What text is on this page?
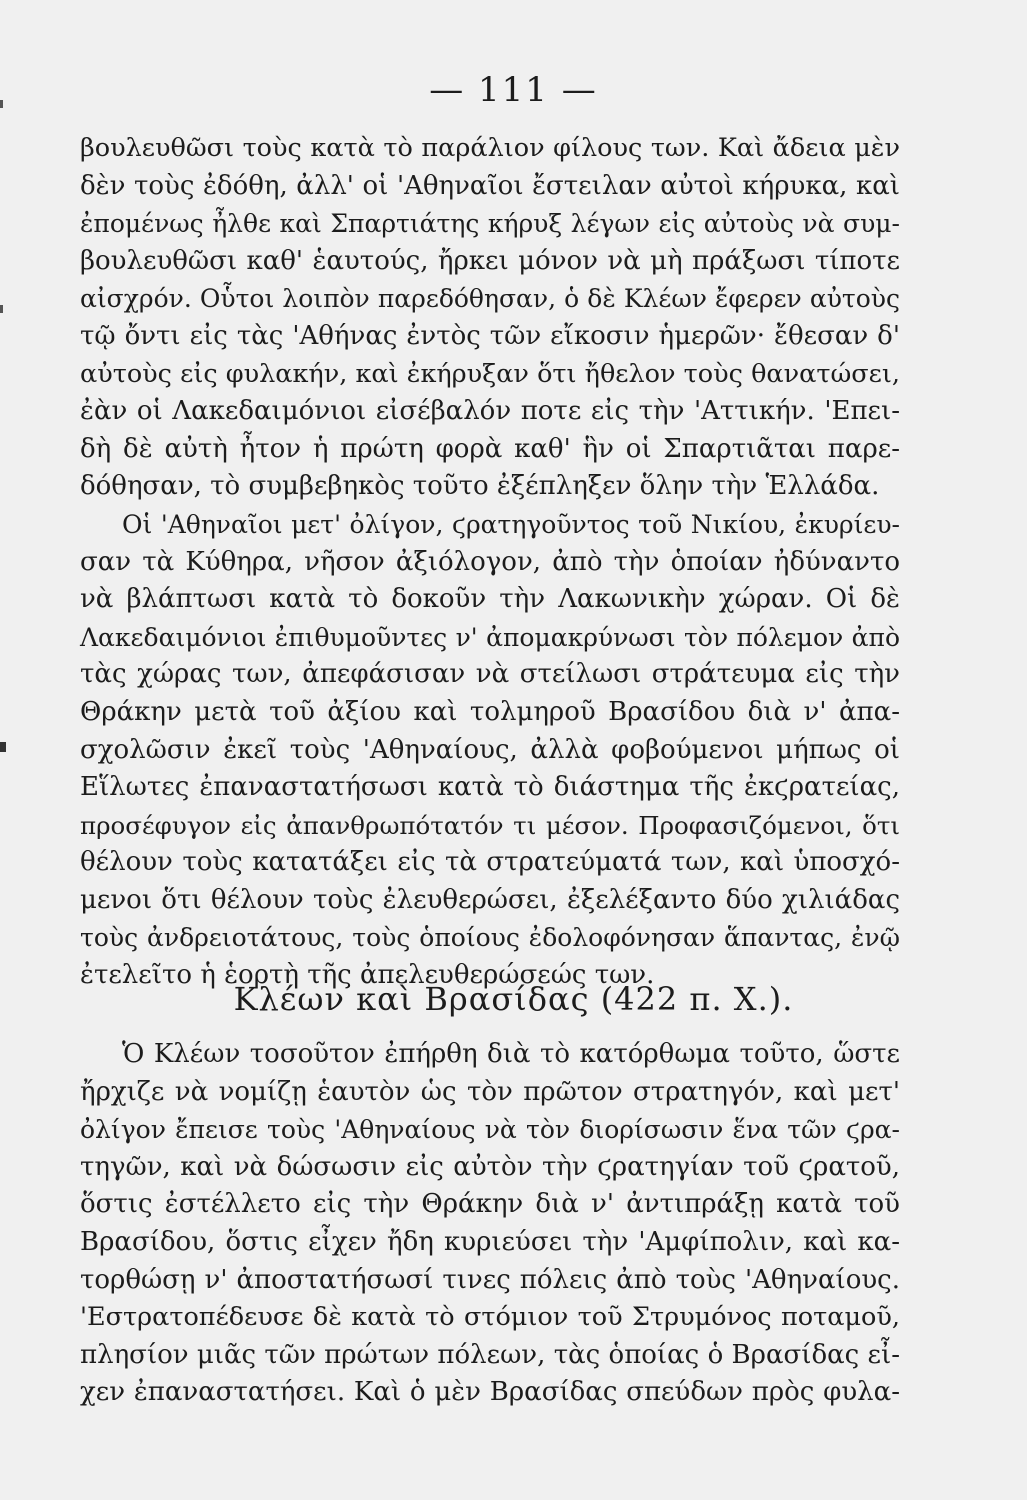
— 111 —
βουλευθῶσι τοὺς κατὰ τὸ παράλιον φίλους των. Καὶ ἄδεια μὲν
δὲν τοὺς ἐδόθη, ἀλλ' οἱ 'Αθηναῖοι ἔστειλαν αὐτοὶ κήρυκα, καὶ
ἐπομένως ἦλθε καὶ Σπαρτιάτης κήρυξ λέγων εἰς αὐτοὺς νὰ συμ-
βουλευθῶσι καθ' ἑαυτούς, ἤρκει μόνον νὰ μὴ πράξωσι τίποτε
αἰσχρόν. Οὗτοι λοιπὸν παρεδόθησαν, ὁ δὲ Κλέων ἔφερεν αὐτοὺς
τῷ ὄντι εἰς τὰς 'Αθήνας ἐντὸς τῶν εἴκοσιν ἡμερῶν· ἔθεσαν δ'
αὐτοὺς εἰς φυλακήν, καὶ ἐκήρυξαν ὅτι ἤθελον τοὺς θανατώσει,
ἐὰν οἱ Λακεδαιμόνιοι εἰσέβαλόν ποτε εἰς τὴν 'Αττικήν. 'Επει-
δὴ δὲ αὐτὴ ἦτον ἡ πρώτη φορὰ καθ' ἣν οἱ Σπαρτιᾶται παρε-
δόθησαν, τὸ συμβεβηκὸς τοῦτο ἐξέπληξεν ὅλην τὴν Ἑλλάδα.
Οἱ 'Αθηναῖοι μετ' ὀλίγον, ϛρατηγοῦντος τοῦ Νικίου, ἐκυρίευ-
σαν τὰ Κύθηρα, νῆσον ἀξιόλογον, ἀπὸ τὴν ὁποίαν ἠδύναντο
νὰ βλάπτωσι κατὰ τὸ δοκοῦν τὴν Λακωνικὴν χώραν. Οἱ δὲ
Λακεδαιμόνιοι ἐπιθυμοῦντες ν' ἀπομακρύνωσι τὸν πόλεμον ἀπὸ
τὰς χώρας των, ἀπεφάσισαν νὰ στείλωσι στράτευμα εἰς τὴν
Θράκην μετὰ τοῦ ἀξίου καὶ τολμηροῦ Βρασίδου διὰ ν' ἀπα-
σχολῶσιν ἐκεῖ τοὺς 'Αθηναίους, ἀλλὰ φοβούμενοι μήπως οἱ
Εἵλωτες ἐπαναστατήσωσι κατὰ τὸ διάστημα τῆς ἐκϛρατείας,
προσέφυγον εἰς ἀπανθρωπότατόν τι μέσον. Προφασιζόμενοι, ὅτι
θέλουν τοὺς κατατάξει εἰς τὰ στρατεύματά των, καὶ ὑποσχό-
μενοι ὅτι θέλουν τοὺς ἐλευθερώσει, ἐξελέξαντο δύο χιλιάδας
τοὺς ἀνδρειοτάτους, τοὺς ὁποίους ἐδολοφόνησαν ἅπαντας, ἐνῷ
ἐτελεῖτο ἡ ἑορτὴ τῆς ἀπελευθερώσεώς των.
Κλέων καὶ Βρασίδας (422 π. Χ.).
Ὁ Κλέων τοσοῦτον ἐπήρθη διὰ τὸ κατόρθωμα τοῦτο, ὥστε
ἤρχιζε νὰ νομίζῃ ἑαυτὸν ὡς τὸν πρῶτον στρατηγόν, καὶ μετ'
ὀλίγον ἔπεισε τοὺς 'Αθηναίους νὰ τὸν διορίσωσιν ἕνα τῶν ϛρα-
τηγῶν, καὶ νὰ δώσωσιν εἰς αὐτὸν τὴν ϛρατηγίαν τοῦ ϛρατοῦ,
ὅστις ἐστέλλετο εἰς τὴν Θράκην διὰ ν' ἀντιπράξῃ κατὰ τοῦ
Βρασίδου, ὅστις εἶχεν ἤδη κυριεύσει τὴν 'Αμφίπολιν, καὶ κα-
τορθώσῃ ν' ἀποστατήσωσί τινες πόλεις ἀπὸ τοὺς 'Αθηναίους.
'Εστρατοπέδευσε δὲ κατὰ τὸ στόμιον τοῦ Στρυμόνος ποταμοῦ,
πλησίον μιᾶς τῶν πρώτων πόλεων, τὰς ὁποίας ὁ Βρασίδας εἶ-
χεν ἐπαναστατήσει. Καὶ ὁ μὲν Βρασίδας σπεύδων πρὸς φυλα-
